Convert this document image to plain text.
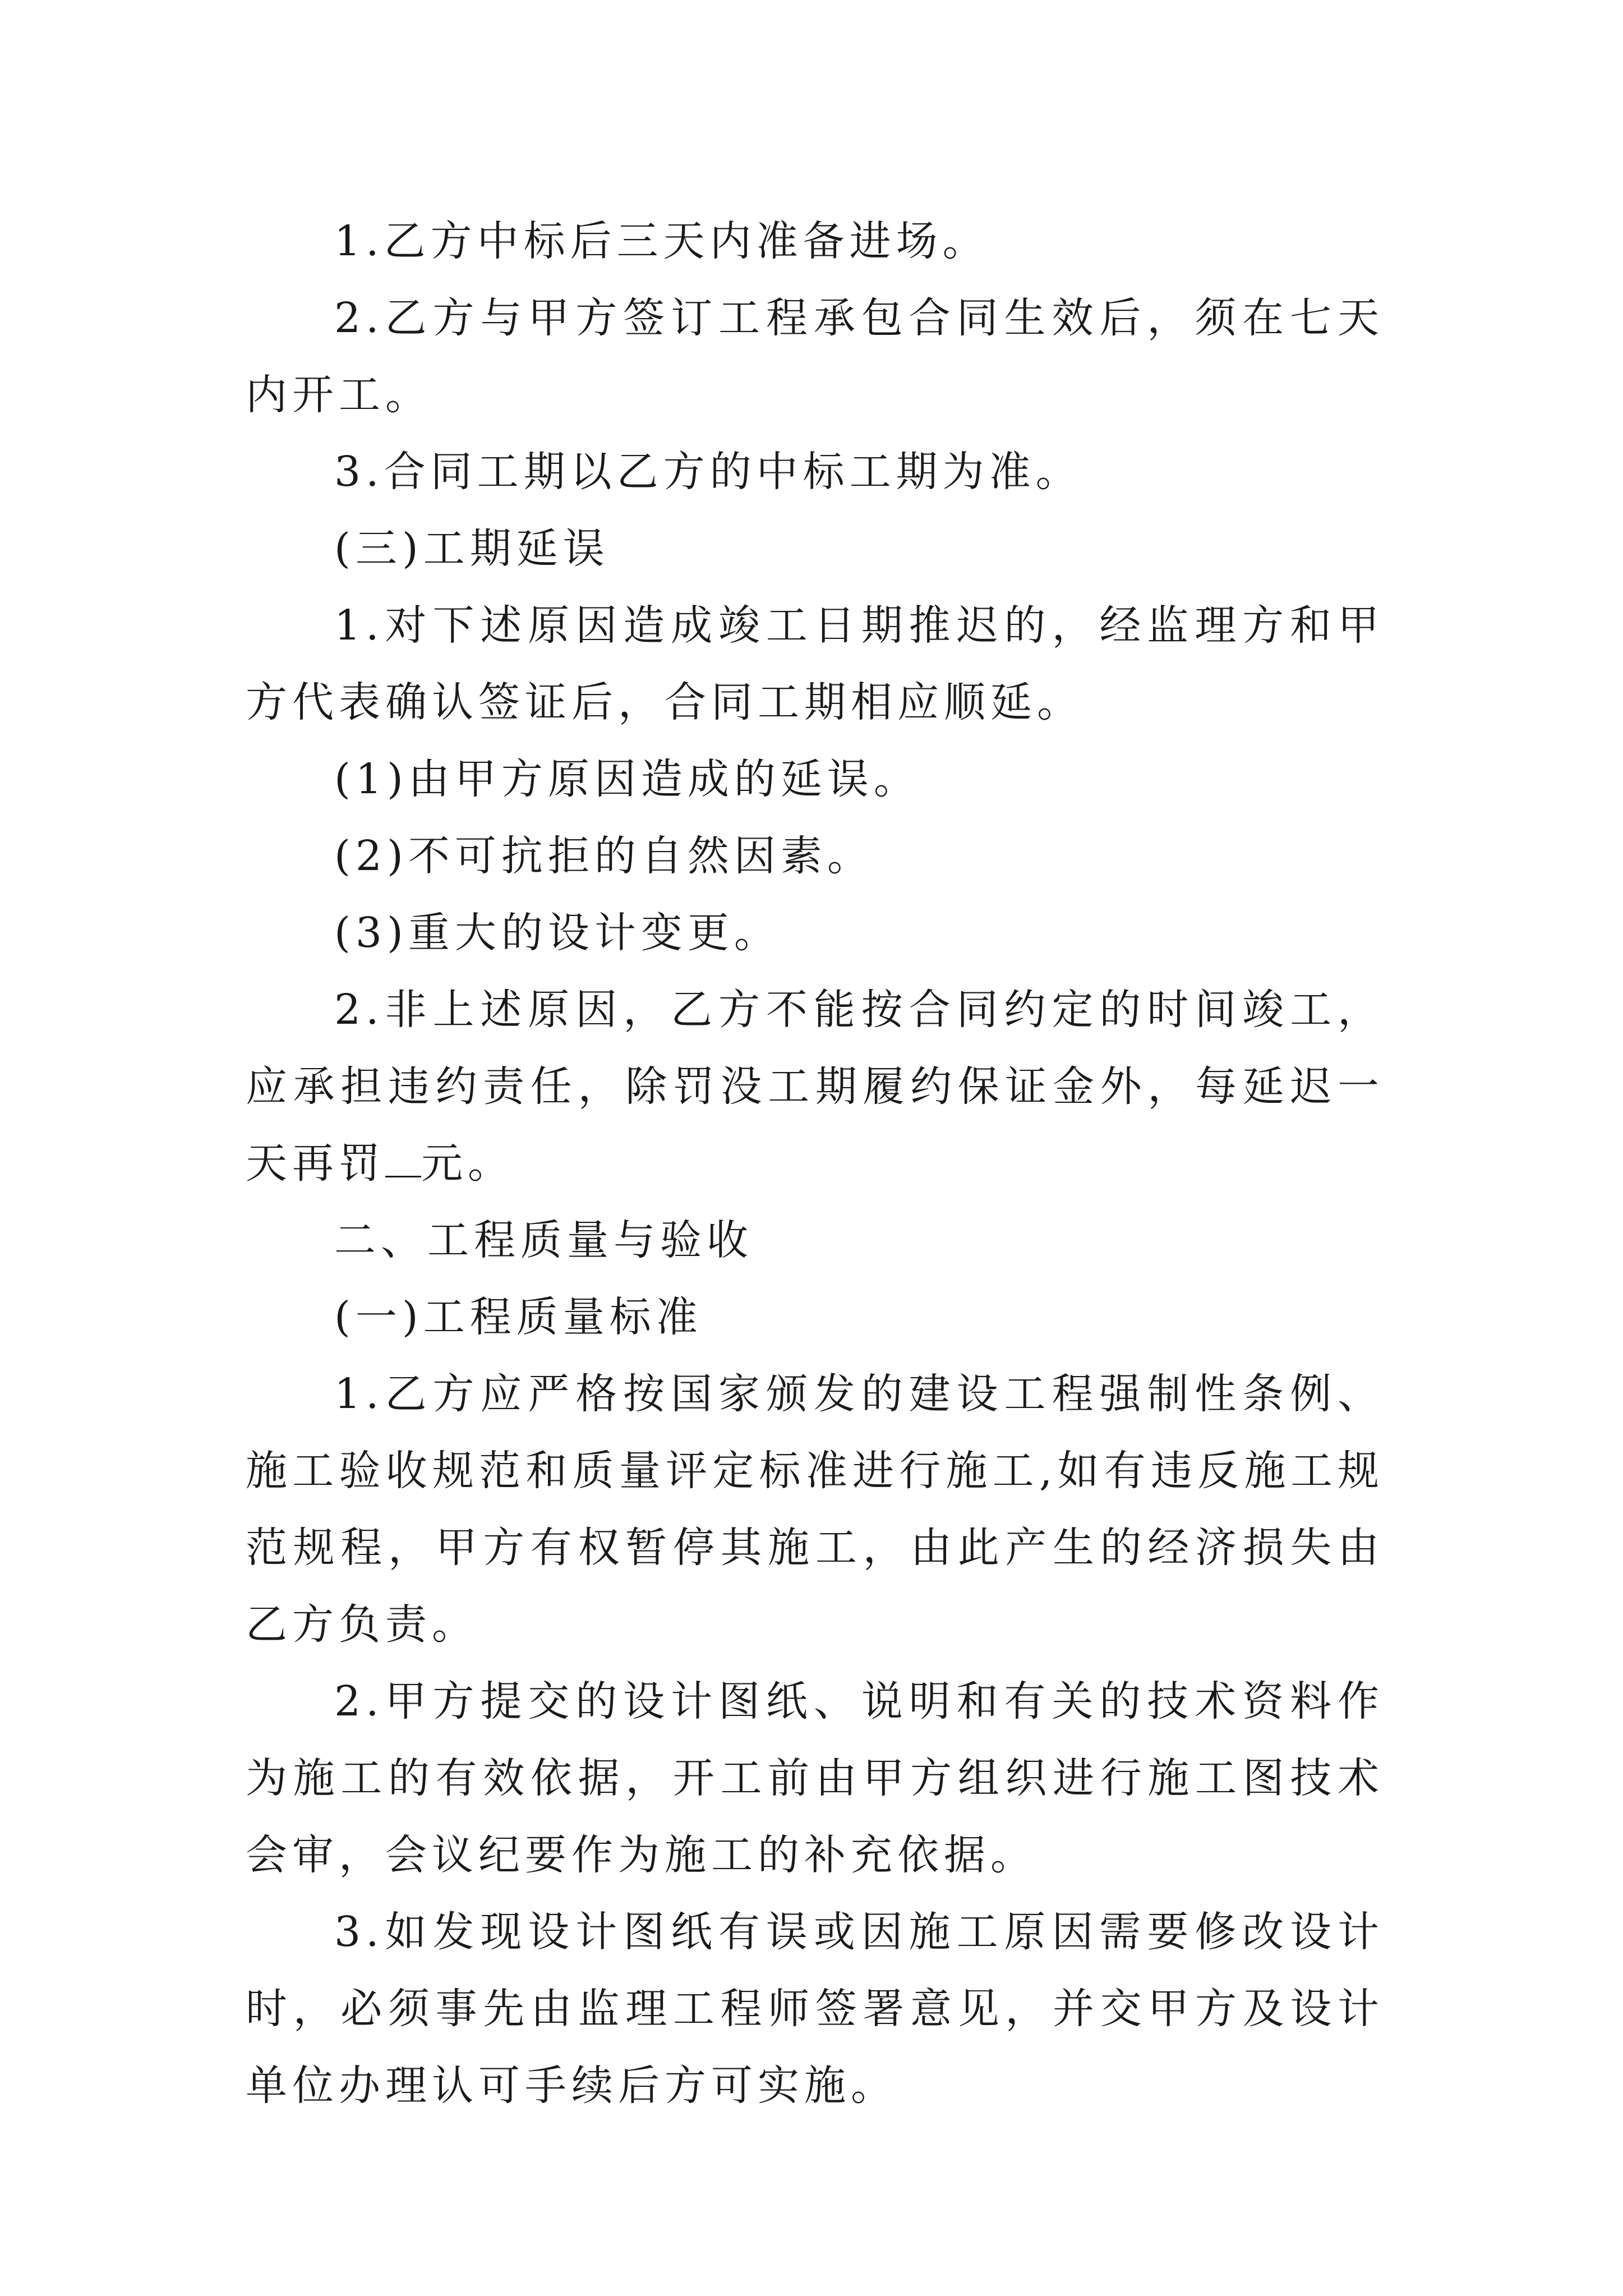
1.乙方中标后三天内准备进场。

2.乙方与甲方签订工程承包合同生效后，须在七天内开工。

3.合同工期以乙方的中标工期为准。

(三)工期延误

1.对下述原因造成竣工日期推迟的，经监理方和甲方代表确认签证后，合同工期相应顺延。

(1)由甲方原因造成的延误。

(2)不可抗拒的自然因素。

(3)重大的设计变更。

2.非上述原因，乙方不能按合同约定的时间竣工，应承担违约责任，除罚没工期履约保证金外，每延迟一天再罚 元。

二、工程质量与验收

(一)工程质量标准

1.乙方应严格按国家颁发的建设工程强制性条例、施工验收规范和质量评定标准进行施工,如有违反施工规范规程，甲方有权暂停其施工，由此产生的经济损失由乙方负责。

2.甲方提交的设计图纸、说明和有关的技术资料作为施工的有效依据，开工前由甲方组织进行施工图技术会审，会议纪要作为施工的补充依据。

3.如发现设计图纸有误或因施工原因需要修改设计时，必须事先由监理工程师签署意见，并交甲方及设计单位办理认可手续后方可实施。
